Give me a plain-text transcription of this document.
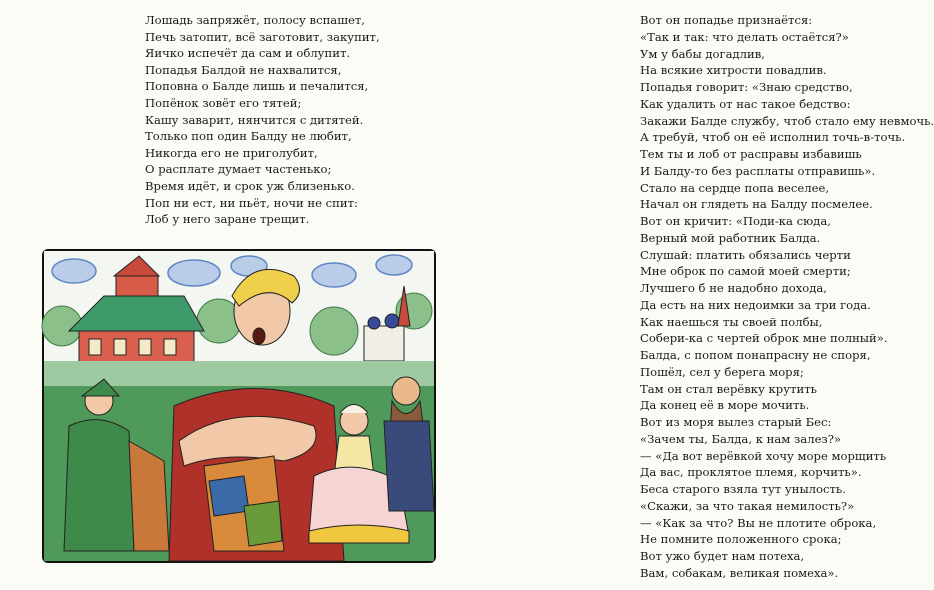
Лошадь запряжёт, полосу вспашет,
Печь затопит, всё заготовит, закупит,
Яичко испечёт да сам и облупит.
Попадья Балдой не нахвалится,
Поповна о Балде лишь и печалится,
Попёнок зовёт его тятей;
Кашу заварит, нянчится с дитятей.
Только поп один Балду не любит,
Никогда его не приголубит,
О расплате думает частенько;
Время идёт, и срок уж близенько.
Поп ни ест, ни пьёт, ночи не спит:
Лоб у него заране трещит.
Вот он попадье признаётся:
«Так и так: что делать остаётся?»
Ум у бабы догадлив,
На всякие хитрости повадлив.
Попадья говорит: «Знаю средство,
Как удалить от нас такое бедство:
Закажи Балде службу, чтоб стало ему невмочь.
А требуй, чтоб он её исполнил точь-в-точь.
Тем ты и лоб от расправы избавишь
И Балду-то без расплаты отправишь».
Стало на сердце попа веселее,
Начал он глядеть на Балду посмелее.
Вот он кричит: «Поди-ка сюда,
Верный мой работник Балда.
Слушай: платить обязались черти
Мне оброк по самой моей смерти;
Лучшего б не надобно дохода,
Да есть на них недоимки за три года.
Как наешься ты своей полбы,
Собери-ка с чертей оброк мне полный».
Балда, с попом понапрасну не споря,
Пошёл, сел у берега моря;
Там он стал верёвку крутить
Да конец её в море мочить.
Вот из моря вылез старый Бес:
«Зачем ты, Балда, к нам залез?»
— «Да вот верёвкой хочу море морщить
Да вас, проклятое племя, корчить».
Беса старого взяла тут унылость.
«Скажи, за что такая немилость?»
— «Как за что? Вы не плотите оброка,
Не помните положенного срока;
Вот ужо будет нам потеха,
Вам, собакам, великая помеха».
